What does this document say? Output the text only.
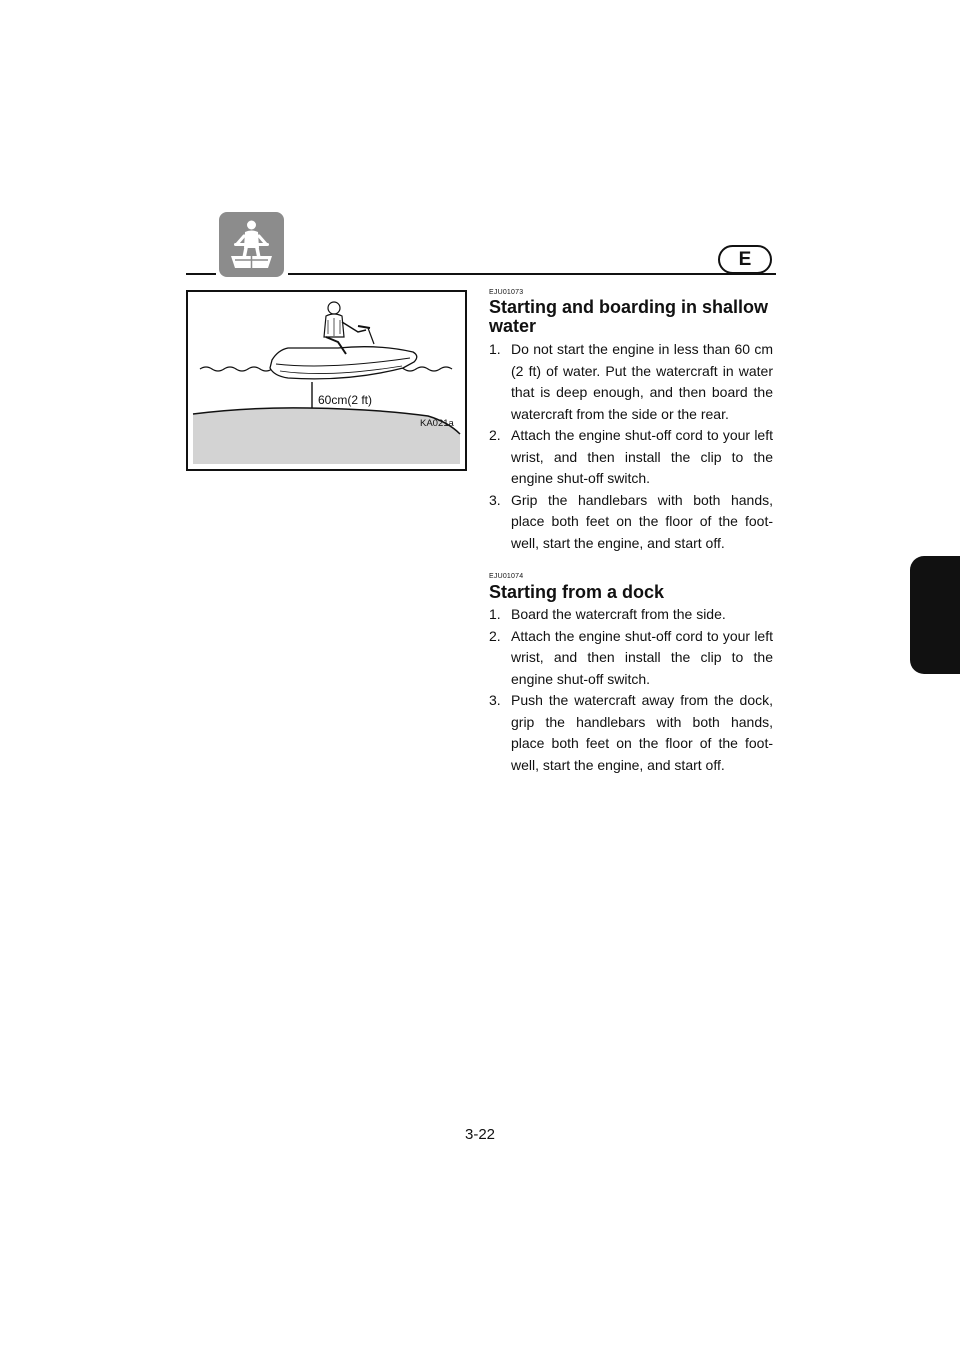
E
60cm(2 ft)
KA021a
EJU01073
Starting and boarding in shallow water
1. Do not start the engine in less than 60 cm (2 ft) of water. Put the watercraft in water that is deep enough, and then board the watercraft from the side or the rear.
2. Attach the engine shut-off cord to your left wrist, and then install the clip to the engine shut-off switch.
3. Grip the handlebars with both hands, place both feet on the floor of the foot-well, start the engine, and start off.
EJU01074
Starting from a dock
1. Board the watercraft from the side.
2. Attach the engine shut-off cord to your left wrist, and then install the clip to the engine shut-off switch.
3. Push the watercraft away from the dock, grip the handlebars with both hands, place both feet on the floor of the foot-well, start the engine, and start off.
3-22
